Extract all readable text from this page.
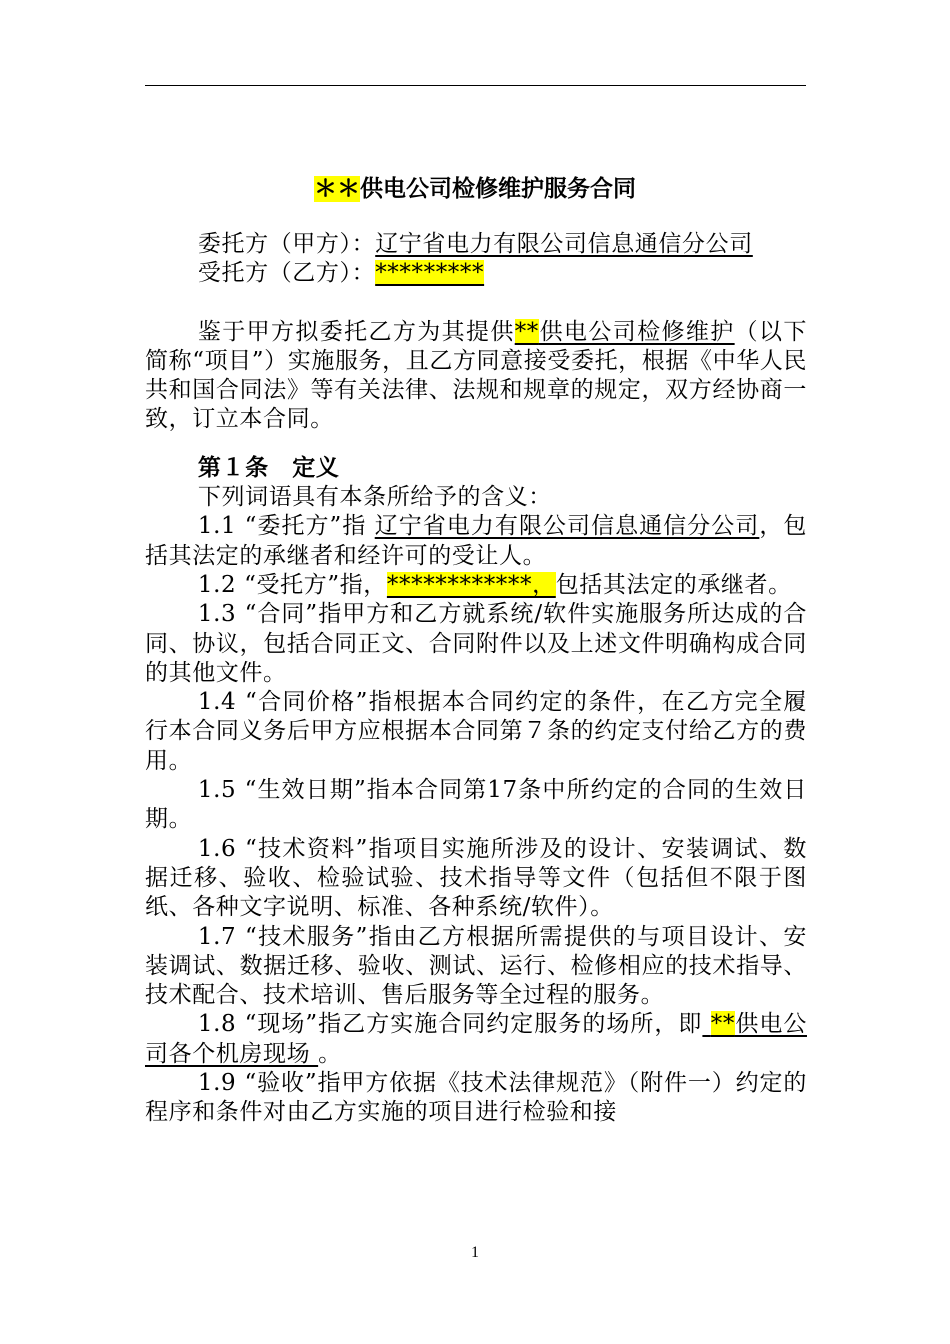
＊＊供电公司检修维护服务合同

委托方（甲方）：辽宁省电力有限公司信息通信分公司

受托方（乙方）：*********

鉴于甲方拟委托乙方为其提供**供电公司检修维护（以下简称“项目”）实施服务，且乙方同意接受委托，根据《中华人民共和国合同法》等有关法律、法规和规章的规定，双方经协商一致，订立本合同。

第１条　定义

下列词语具有本条所给予的含义：

1.1 “委托方”指 辽宁省电力有限公司信息通信分公司，包括其法定的承继者和经许可的受让人。

1.2 “受托方”指，************，包括其法定的承继者。

1.3 “合同”指甲方和乙方就系统/软件实施服务所达成的合同、协议，包括合同正文、合同附件以及上述文件明确构成合同的其他文件。

1.4 “合同价格”指根据本合同约定的条件，在乙方完全履行本合同义务后甲方应根据本合同第７条的约定支付给乙方的费用。

1.5 “生效日期”指本合同第17条中所约定的合同的生效日期。

1.6 “技术资料”指项目实施所涉及的设计、安装调试、数据迁移、验收、检验试验、技术指导等文件（包括但不限于图纸、各种文字说明、标准、各种系统/软件）。

1.7 “技术服务”指由乙方根据所需提供的与项目设计、安装调试、数据迁移、验收、测试、运行、检修相应的技术指导、技术配合、技术培训、售后服务等全过程的服务。

1.8 “现场”指乙方实施合同约定服务的场所，即 **供电公司各个机房现场 。

1.9 “验收”指甲方依据《技术法律规范》（附件一）约定的程序和条件对由乙方实施的项目进行检验和接

1
